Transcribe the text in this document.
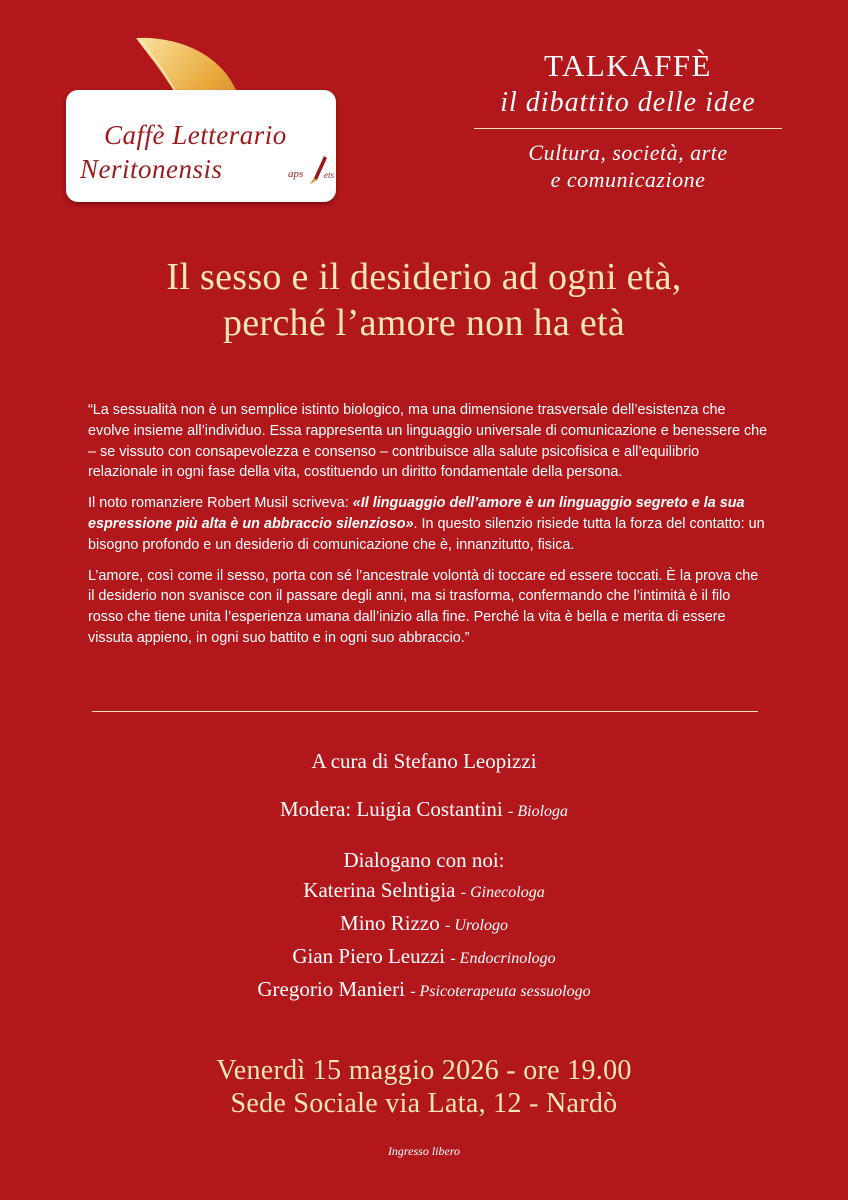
Caffè Letterario
Neritonensis	aps ets
TALKAFFÈ
il dibattito delle idee
Cultura, società, arte
e comunicazione
Il sesso e il desiderio ad ogni età,
perché l’amore non ha età

“La sessualità non è un semplice istinto biologico, ma una dimensione trasversale dell’esistenza che evolve insieme all’individuo. Essa rappresenta un linguaggio universale di comunicazione e benessere che – se vissuto con consapevolezza e consenso – contribuisce alla salute psicofisica e all’equilibrio relazionale in ogni fase della vita, costituendo un diritto fondamentale della persona.

Il noto romanziere Robert Musil scriveva: «Il linguaggio dell’amore è un linguaggio segreto e la sua espressione più alta è un abbraccio silenzioso». In questo silenzio risiede tutta la forza del contatto: un bisogno profondo e un desiderio di comunicazione che è, innanzitutto, fisica.

L’amore, così come il sesso, porta con sé l’ancestrale volontà di toccare ed essere toccati. È la prova che il desiderio non svanisce con il passare degli anni, ma si trasforma, confermando che l’intimità è il filo rosso che tiene unita l’esperienza umana dall’inizio alla fine. Perché la vita è bella e merita di essere vissuta appieno, in ogni suo battito e in ogni suo abbraccio.”

A cura di Stefano Leopizzi
Modera: Luigia Costantini - Biologa
Dialogano con noi:
Katerina Selntigia - Ginecologa
Mino Rizzo - Urologo
Gian Piero Leuzzi - Endocrinologo
Gregorio Manieri - Psicoterapeuta sessuologo
Venerdì 15 maggio 2026 - ore 19.00
Sede Sociale via Lata, 12 - Nardò
Ingresso libero
